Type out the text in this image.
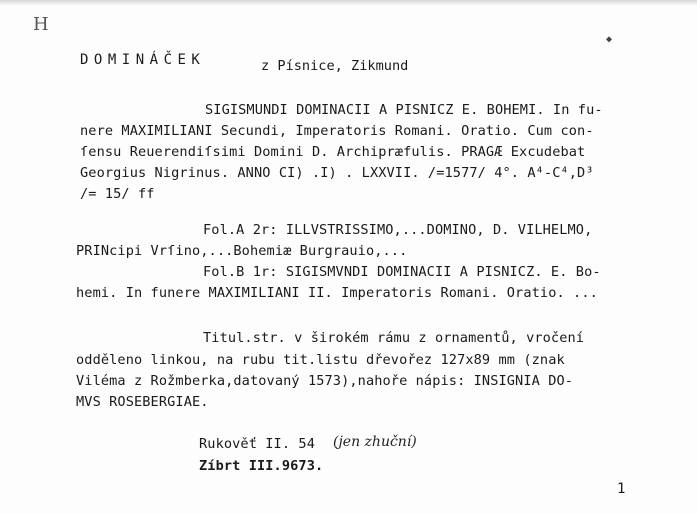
H
◆
DOMINÁČEK	z Písnice, Zikmund
SIGISMUNDI DOMINACII A PISNICZ E. BOHEMI. In fu-
nere MAXIMILIANI Secundi, Imperatoris Romani. Oratio. Cum con-
ſensu Reuerendiſsimi Domini D. Archipræfulis. PRAGÆ Excudebat
Georgius Nigrinus. ANNO CI) .I) . LXXVII. /=1577/ 4°. A⁴-C⁴,D³
/= 15/ ff
Fol.A 2r: ILLVSTRISSIMO,...DOMINO, D. VILHELMO,
PRINcipi Vrſino,...Bohemiæ Burgrauio,...
Fol.B 1r: SIGISMVNDI DOMINACII A PISNICZ. E. Bo-
hemi. In funere MAXIMILIANI II. Imperatoris Romani. Oratio. ...
Titul.str. v širokém rámu z ornamentů, vročení
odděleno linkou, na rubu tit.listu dřevořez 127x89 mm (znak
Viléma z Rožmberka,datovaný 1573),nahoře nápis: INSIGNIA DO-
MVS ROSEBERGIAE.
Rukověť II. 54 (jen zhuční)
Zíbrt III.9673.
1
